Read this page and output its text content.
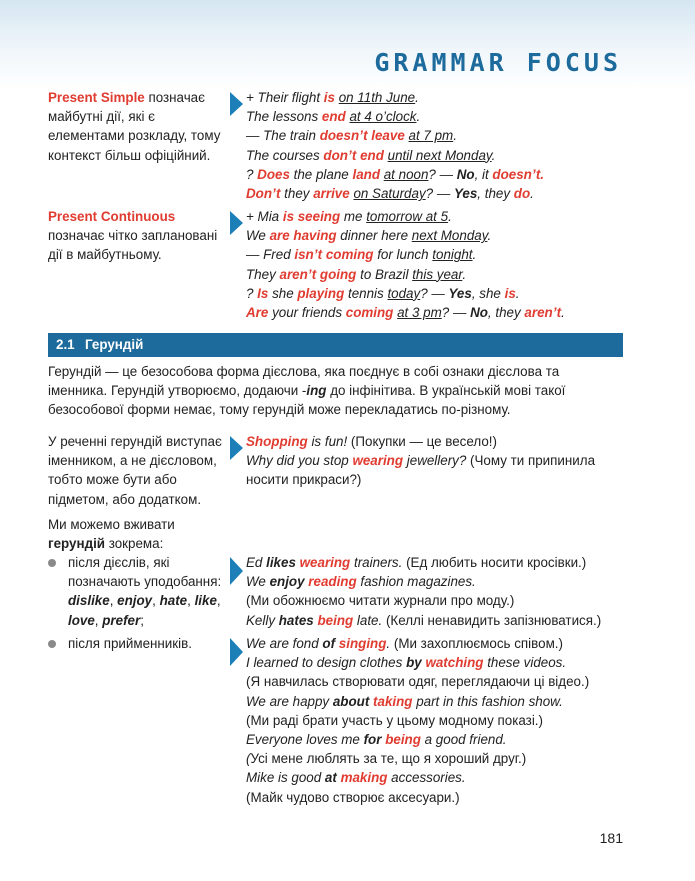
GRAMMAR FOCUS
Present Simple позначає
майбутні дії, які є
елементами розкладу, тому
контекст більш офіційний.
+ Their flight is on 11th June.
The lessons end at 4 o’clock.
— The train doesn’t leave at 7 pm.
The courses don’t end until next Monday.
? Does the plane land at noon? — No, it doesn’t.
Don’t they arrive on Saturday? — Yes, they do.
Present Continuous
позначає чітко заплановані
дії в майбутньому.
+ Mia is seeing me tomorrow at 5.
We are having dinner here next Monday.
— Fred isn’t coming for lunch tonight.
They aren’t going to Brazil this year.
? Is she playing tennis today? — Yes, she is.
Are your friends coming at 3 pm? — No, they aren’t.
2.1 Герундій
Герундій — це безособова форма дієслова, яка поєднує в собі ознаки дієслова та
іменника. Герундій утворюємо, додаючи -ing до інфінітива. В українській мові такої
безособової форми немає, тому герундій може перекладатись по-різному.
У реченні герундій виступає
іменником, а не дієсловом,
тобто може бути або
підметом, або додатком.
Shopping is fun! (Покупки — це весело!)
Why did you stop wearing jewellery? (Чому ти припинила
носити прикраси?)
Ми можемо вживати
герундій зокрема:
після дієслів, які
позначають уподобання:
dislike, enjoy, hate, like,
love, prefer;
Ed likes wearing trainers. (Ед любить носити кросівки.)
We enjoy reading fashion magazines.
(Ми обожнюємо читати журнали про моду.)
Kelly hates being late. (Келлі ненавидить запізнюватися.)
після прийменників.	We are fond of singing. (Ми захоплюємось співом.)
I learned to design clothes by watching these videos.
(Я навчилась створювати одяг, переглядаючи ці відео.)
We are happy about taking part in this fashion show.
(Ми раді брати участь у цьому модному показі.)
Everyone loves me for being a good friend.
(Усі мене люблять за те, що я хороший друг.)
Mike is good at making accessories.
(Майк чудово створює аксесуари.)
181
